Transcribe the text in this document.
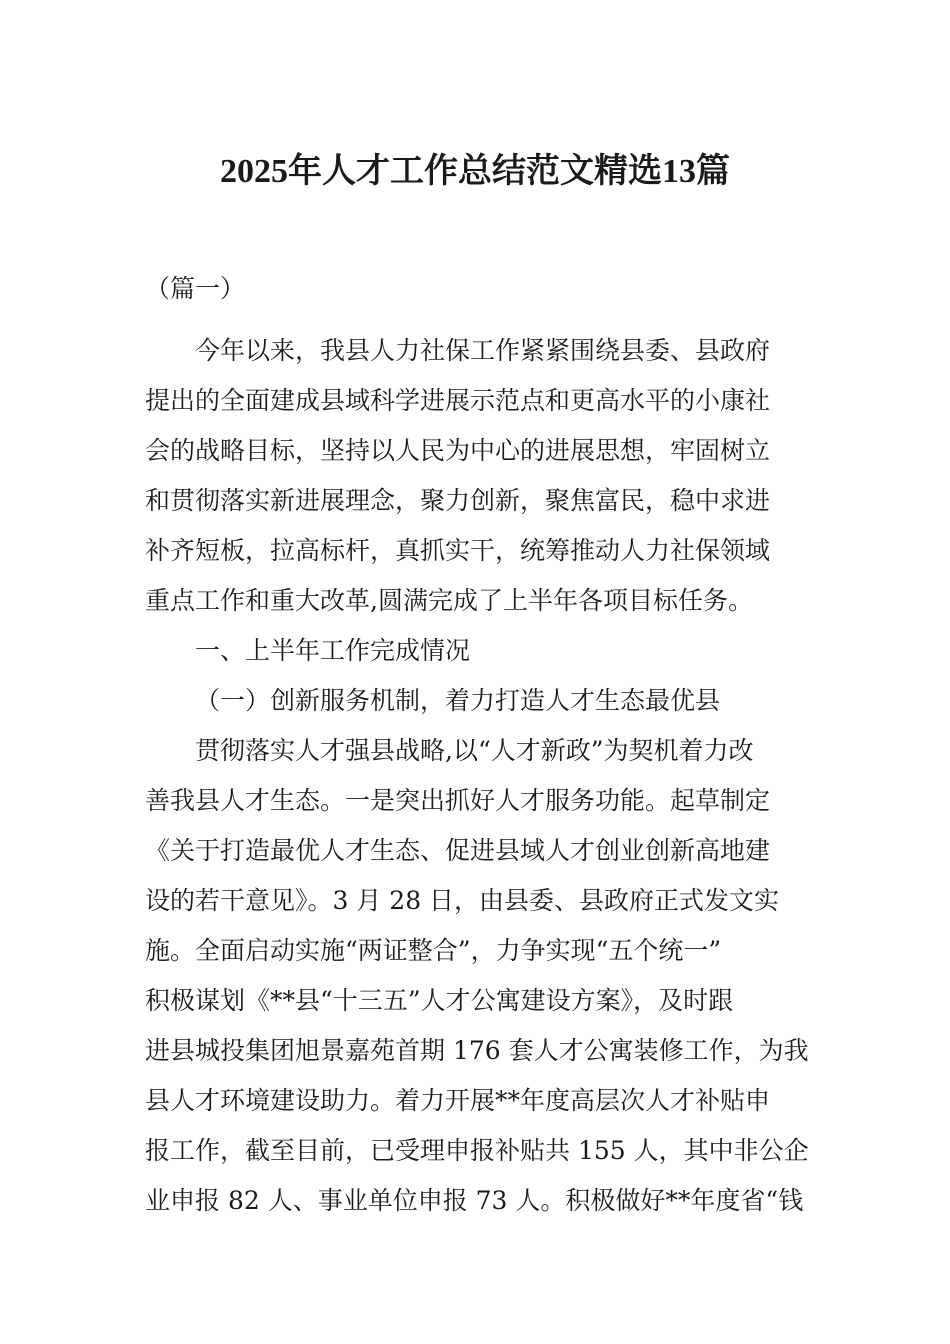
2025年人才工作总结范文精选13篇
（篇一）
今年以来，我县人力社保工作紧紧围绕县委、县政府
提出的全面建成县域科学进展示范点和更高水平的小康社
会的战略目标，坚持以人民为中心的进展思想，牢固树立
和贯彻落实新进展理念，聚力创新，聚焦富民，稳中求进
补齐短板，拉高标杆，真抓实干，统筹推动人力社保领域
重点工作和重大改革,圆满完成了上半年各项目标任务。
一、上半年工作完成情况
（一）创新服务机制，着力打造人才生态最优县
贯彻落实人才强县战略,以“人才新政”为契机着力改
善我县人才生态。一是突出抓好人才服务功能。起草制定
《关于打造最优人才生态、促进县域人才创业创新高地建
设的若干意见》。3 月 28 日，由县委、县政府正式发文实
施。全面启动实施“两证整合”，力争实现“五个统一”
积极谋划《**县“十三五”人才公寓建设方案》，及时跟
进县城投集团旭景嘉苑首期 176 套人才公寓装修工作，为我
县人才环境建设助力。着力开展**年度高层次人才补贴申
报工作，截至目前，已受理申报补贴共 155 人，其中非公企
业申报 82 人、事业单位申报 73 人。积极做好**年度省“钱
